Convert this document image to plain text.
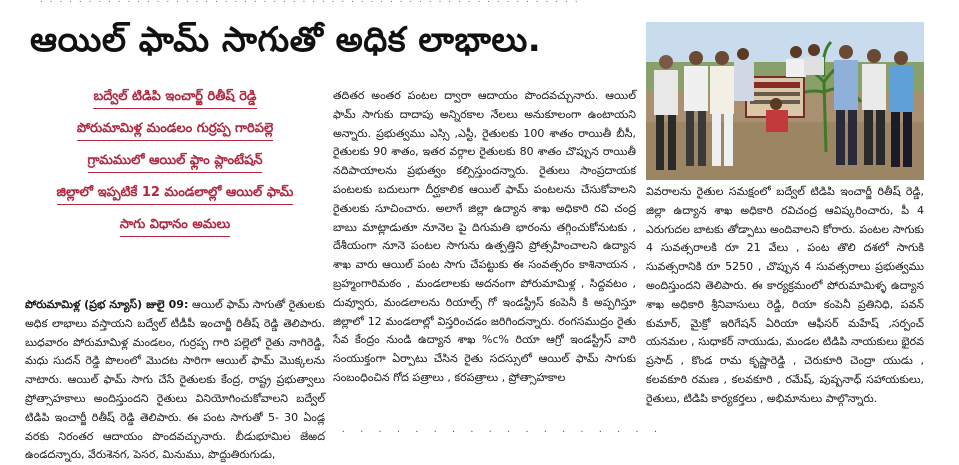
. . . . . . . . . . . . . . . . . . . . . . . . . . . . . . . . . . . . . . . . . . . . . . . . . . . . . . . .
ఆయిల్ ఫామ్ సాగుతో అధిక లాభాలు.
బద్వేల్ టిడిపి ఇంచార్జ్ రితీష్ రెడ్డి
పోరుమామిళ్ల మండలం గుర్రప్ప గారిపల్లె
గ్రామములో ఆయిల్ ఫ్లాం ప్లాంటేషన్
జిల్లాలో ఇప్పటికే 12 మండలాల్లో ఆయిల్ ఫామ్
సాగు విధానం అమలు

పోరుమామిళ్ల (ప్రభ న్యూస్) జులై 09: ఆయిల్ ఫామ్ సాగుతో రైతులకు అధిక లాభాలు వస్తాయని బద్వేల్ టీడీపీ ఇంచార్జీ రితీష్ రెడ్డి తెలిపారు. బుధవారం పోరుమామిళ్ల మండలం, గుర్రప్ప గారి పల్లెలో రైతు నాగిరెడ్డి, మధు సుదన్ రెడ్డి పొలంలో మొదట సారిగా ఆయిల్ ఫామ్ మొక్కలను నాటారు. ఆయిల్ ఫామ్ సాగు చేసే రైతులకు కేంద్ర, రాష్ట్ర ప్రభుత్వాలు ప్రోత్సాహకాలు అందిస్తుందని రైతులు వినియోగించుకోవాలని బద్వేల్ టిడిపి ఇంచార్జీ రితీష్ రెడ్డి తెలిపారు. ఈ పంట సాగుతో 5- 30 ఏండ్ల వరకు నిరంతర ఆదాయం పొందవచ్చునారు. బీడుభూమిల జెఱద ఉండదన్నారు, వేరుశెనగ, పెసర, మినుము, పొద్దుతిరుగుడు,

తదితర అంతర పంటల ద్వారా ఆదాయం పొందవచ్చునారు. ఆయిల్ ఫామ్ సాగుకు దాదాపు అన్నిరకాల నేలలు అనుకూలంగా ఉంటాయని అన్నారు. ప్రభుత్వము ఎస్సి ,ఎస్టీ, రైతులకు 100 శాతం రాయితీ బీసీ, రైతులకు 90 శాతం, ఇతర వర్గాల రైతులకు 80 శాతం చొప్పున రాయితీ నదిపాయాలను ప్రభుత్వం కల్పిస్తుందన్నారు. రైతులు సాంప్రదాయక పంటలకు బదులుగా దీర్ఘకాలిక ఆయిల్ ఫామ్ పంటలను చేసుకోవాలని రైతులకు సూచించారు. అలాగే జిల్లా ఉద్యాన శాఖ అధికారి రవి చంద్ర బాబు మాట్లాడుతూ నూనెల పై దిగుమతి భారంను తగ్గించుకోనుటకు , దేశీయంగా నూనె పంటల సాగును ఉత్పత్తిని ప్రోత్సహించాలని ఉద్యాన శాఖ వారు ఆయిల్ పంట సాగు చేపట్టుకు ఈ సంవత్సరం కాశినాయన , బ్రహ్మంగారిమఠం , మండలాలకు అదనంగా పోరుమామిళ్ల , సిద్దవటం , దువ్వూరు, మండలాలను రియాల్స్ గో ఇండస్ట్రీస్ కంపెనీ కి అప్పగిస్తూ జిల్లాలో 12 మండలాల్లో విస్తరించడం జరిగిందన్నారు. రంగసముద్రం రైతు సేవ కేంద్రం నుండి ఉద్యాన శాఖ %c% రియా ఆగ్రో ఇండస్ట్రీస్ వారి సంయుక్తంగా ఏర్పాటు చేసిన రైతు సదస్సులో ఆయిల్ ఫామ్ సాగుకు సంబంధించిన గోద పత్రాలు , కరపత్రాలు , ప్రోత్సాహకాల

వివరాలను రైతుల సమక్షంలో బద్వేల్ టిడిపి ఇంచార్జీ రితీష్ రెడ్డి, జిల్లా ఉద్యాన శాఖ అధికారి రవిచంద్ర ఆవిష్కరించారు, పీ 4 ఎరుగుదల బాటకు తోడ్పాటు అందివాలని కోరారు. పంటల సాగుకు 4 సువత్సరాలకి రూ 21 వేలు , పంట తొలి దశలో సాగుకి సువత్సరానికి రూ 5250 , చొప్పున 4 సువత్సరాలు ప్రభుత్వము అందిస్తుందని తెలిపారు. ఈ కార్యక్రమంలో పోరుమామిళ్ళ ఉద్యాన శాఖ అధికారి శ్రీనివాసులు రెడ్డి, రియా కంపెనీ ప్రతినిధి, పవన్ కుమార్, మైక్రో ఇరిగేషన్ ఏరియా ఆఫీసర్ మహేష్ ,సర్పంచ్ యనమల , సుధాకర్ నాయుడు, మండల టిడిపి నాయకులు భైరవ ప్రసాద్ , కొండ రామ కృష్ణారెడ్డి , చెరుకూరి చెంద్రా యుడు , కలవకూరి రమణ , కలవకూరి , రమేష్, పుష్పనాధ్ సహాయకులు, రైతులు, టిడిపి కార్యకర్తలు , అభిమానులు పాల్గొన్నారు.

. . . . . . . . . . . . . . . . . . . . . . .
